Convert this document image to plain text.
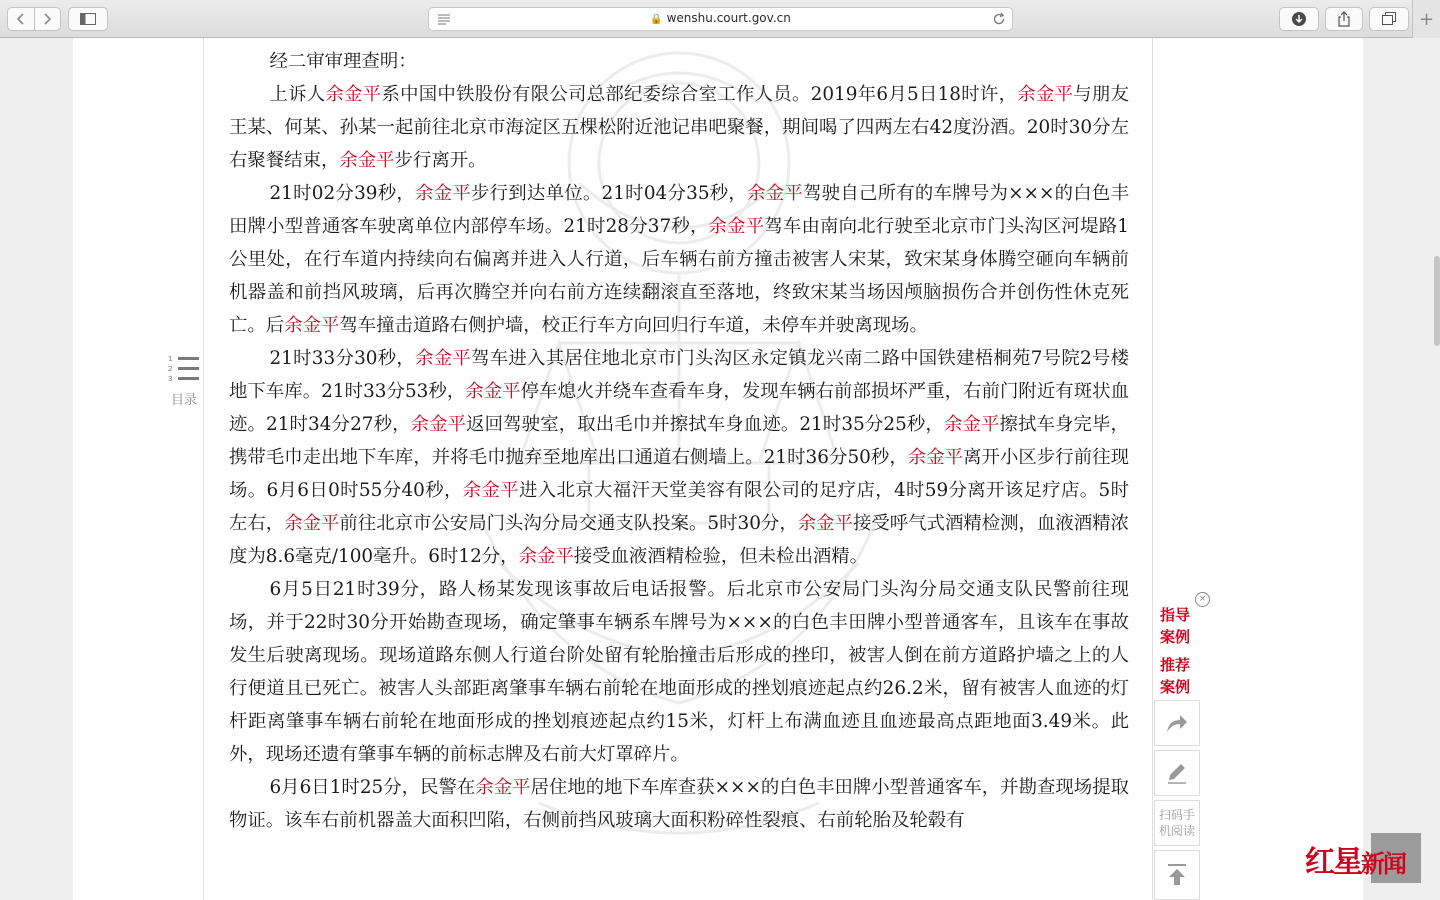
🔒 wenshu.court.gov.cn	+

经二审审理查明：

上诉人余金平系中国中铁股份有限公司总部纪委综合室工作人员。2019年6月5日18时许，余金平与朋友王某、何某、孙某一起前往北京市海淀区五棵松附近池记串吧聚餐，期间喝了四两左右42度汾酒。20时30分左右聚餐结束，余金平步行离开。

21时02分39秒，余金平步行到达单位。21时04分35秒，余金平驾驶自己所有的车牌号为×××的白色丰田牌小型普通客车驶离单位内部停车场。21时28分37秒，余金平驾车由南向北行驶至北京市门头沟区河堤路1公里处，在行车道内持续向右偏离并进入人行道，后车辆右前方撞击被害人宋某，致宋某身体腾空砸向车辆前机器盖和前挡风玻璃，后再次腾空并向右前方连续翻滚直至落地，终致宋某当场因颅脑损伤合并创伤性休克死亡。后余金平驾车撞击道路右侧护墙，校正行车方向回归行车道，未停车并驶离现场。

21时33分30秒，余金平驾车进入其居住地北京市门头沟区永定镇龙兴南二路中国铁建梧桐苑7号院2号楼地下车库。21时33分53秒，余金平停车熄火并绕车查看车身，发现车辆右前部损坏严重，右前门附近有斑状血迹。21时34分27秒，余金平返回驾驶室，取出毛巾并擦拭车身血迹。21时35分25秒，余金平擦拭车身完毕，携带毛巾走出地下车库，并将毛巾抛弃至地库出口通道右侧墙上。21时36分50秒，余金平离开小区步行前往现场。6月6日0时55分40秒，余金平进入北京大福汗天堂美容有限公司的足疗店，4时59分离开该足疗店。5时左右，余金平前往北京市公安局门头沟分局交通支队投案。5时30分，余金平接受呼气式酒精检测，血液酒精浓度为8.6毫克/100毫升。6时12分，余金平接受血液酒精检验，但未检出酒精。

6月5日21时39分，路人杨某发现该事故后电话报警。后北京市公安局门头沟分局交通支队民警前往现场，并于22时30分开始勘查现场，确定肇事车辆系车牌号为×××的白色丰田牌小型普通客车，且该车在事故发生后驶离现场。现场道路东侧人行道台阶处留有轮胎撞击后形成的挫印，被害人倒在前方道路护墙之上的人行便道且已死亡。被害人头部距离肇事车辆右前轮在地面形成的挫划痕迹起点约26.2米，留有被害人血迹的灯杆距离肇事车辆右前轮在地面形成的挫划痕迹起点约15米，灯杆上布满血迹且血迹最高点距地面3.49米。此外，现场还遗有肇事车辆的前标志牌及右前大灯罩碎片。

6月6日1时25分，民警在余金平居住地的地下车库查获×××的白色丰田牌小型普通客车，并勘查现场提取物证。该车右前机器盖大面积凹陷，右侧前挡风玻璃大面积粉碎性裂痕、右前轮胎及轮毂有

1
2
3
目录
×
指导
案例
推荐
案例
扫码手
机阅读
红星新闻
